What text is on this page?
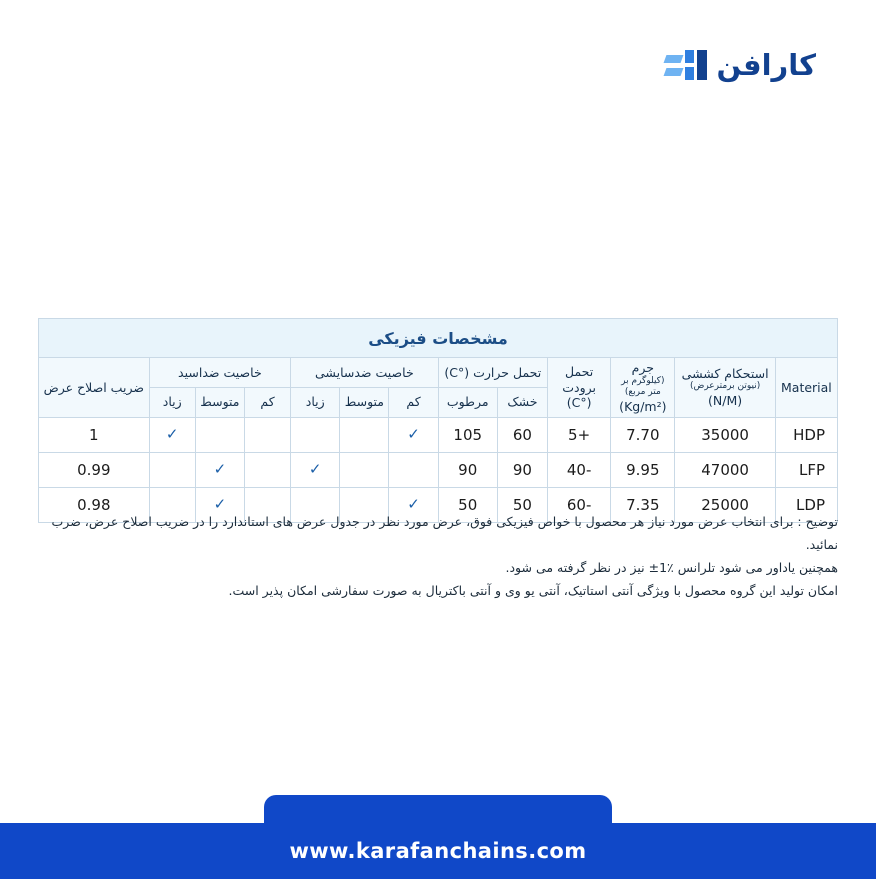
کارافن
مشخصات فیزیکی												
Material	استحکام کششی
(نیوتن برمترعرض)
(N/M)	جرم
(کیلوگرم بر متر مربع)
(Kg/m²)	تحمل برودت
(°C)	تحمل حرارت (°C)		خاصیت ضدسایشی			خاصیت ضداسید			ضریب اصلاح عرض
				خشک	مرطوب	کم	متوسط	زیاد	کم	متوسط	زیاد	
HDP	35000	7.70	+5	60	105	✓					✓	1
LFP	47000	9.95	-40	90	90			✓		✓		0.99
LDP	25000	7.35	-60	50	50	✓				✓		0.98
توضیح : برای انتخاب عرض مورد نیاز هر محصول با خواص فیزیکی فوق، عرض مورد نظر در جدول عرض های استاندارد را در ضریب اصلاح عرض، ضرب نمائید.
همچنین یاداور می شود تلرانس ٪1± نیز در نظر گرفته می شود.
امکان تولید این گروه محصول با ویژگی آنتی استاتیک، آنتی یو وی و آنتی باکتریال به صورت سفارشی امکان پذیر است.
www.karafanchains.com
